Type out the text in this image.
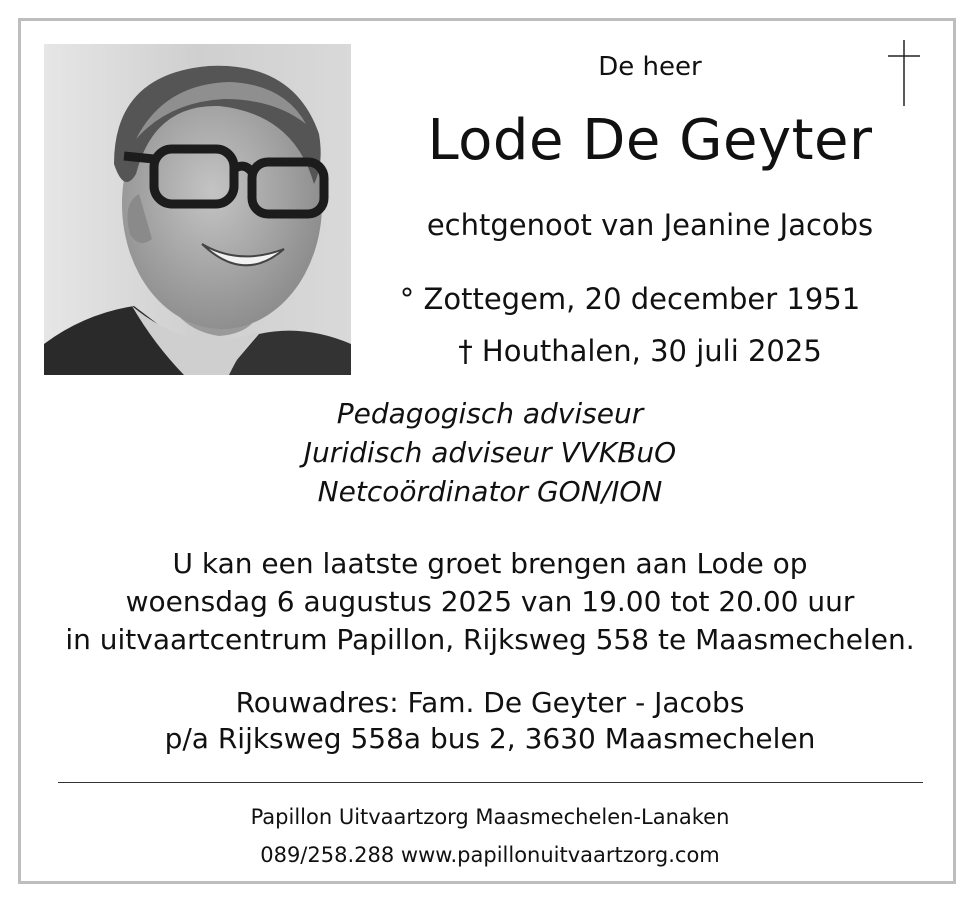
De heer
Lode De Geyter
echtgenoot van Jeanine Jacobs
° Zottegem, 20 december 1951
† Houthalen, 30 juli 2025
Pedagogisch adviseur
Juridisch adviseur VVKBuO
Netcoördinator GON/ION
U kan een laatste groet brengen aan Lode op
woensdag 6 augustus 2025 van 19.00 tot 20.00 uur
in uitvaartcentrum Papillon, Rijksweg 558 te Maasmechelen.
Rouwadres: Fam. De Geyter - Jacobs
p/a Rijksweg 558a bus 2, 3630 Maasmechelen
Papillon Uitvaartzorg Maasmechelen-Lanaken
089/258.288 www.papillonuitvaartzorg.com
